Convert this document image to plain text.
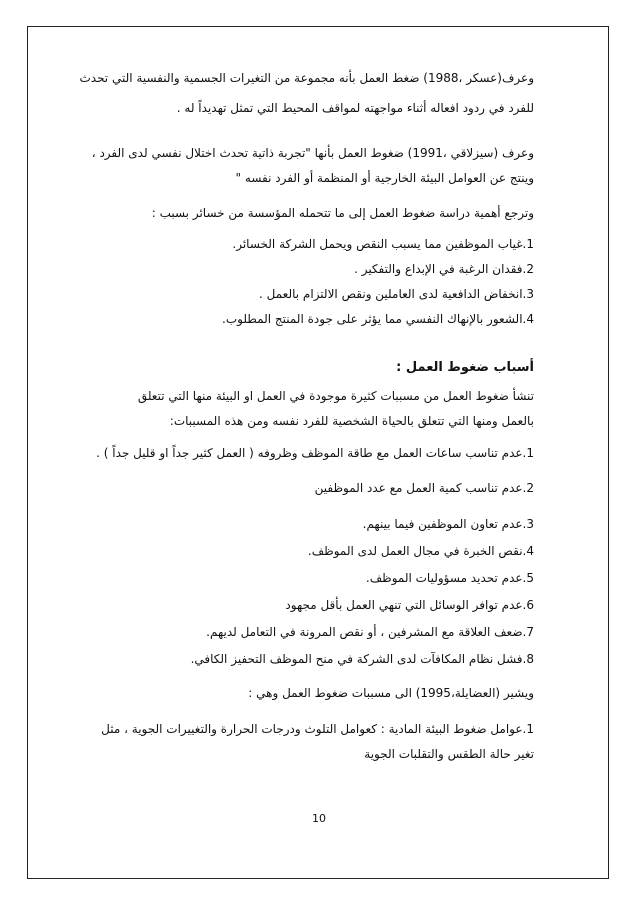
وعرف(عسكر ،1988) ضغط العمل بأنه مجموعة من التغيرات الجسمية والنفسية التي تحدث
للفرد في ردود افعاله أثناء مواجهته لمواقف المحيط التي تمثل تهديداً له .
وعرف (سيزلاقي ،1991) ضغوط العمل بأنها "تجربة ذاتية تحدث اختلال نفسي لدى الفرد ،
وينتج عن العوامل البيئة الخارجية أو المنظمة أو الفرد نفسه "
وترجع أهمية دراسة ضغوط العمل إلى ما تتحمله المؤسسة من خسائر بسبب :
1.غياب الموظفين مما يسبب النقص ويحمل الشركة الخسائر.
2.فقدان الرغبة في الإبداع والتفكير .
3.انخفاض الدافعية لدى العاملين ونقص الالتزام بالعمل .
4.الشعور بالإنهاك النفسي مما يؤثر على جودة المنتج المطلوب.
أسباب ضغوط العمل :
تنشأ ضغوط العمل من مسببات كثيرة موجودة في العمل او البيئة منها التي تتعلق
بالعمل ومنها التي تتعلق بالحياة الشخصية للفرد نفسه ومن هذه المسببات:
1.عدم تناسب ساعات العمل مع طاقة الموظف وظروفه ( العمل كثير جداً او قليل جداً ) .
2.عدم تناسب كمية العمل مع عدد الموظفين
3.عدم تعاون الموظفين فيما بينهم.
4.نقص الخبرة في مجال العمل لدى الموظف.
5.عدم تحديد مسؤوليات الموظف.
6.عدم توافر الوسائل التي تنهي العمل بأقل مجهود
7.ضعف العلاقة مع المشرفين ، أو نقص المرونة في التعامل لديهم.
8.فشل نظام المكافآت لدى الشركة في منح الموظف التحفيز الكافي.
ويشير (العضايلة،1995) الى مسببات ضغوط العمل وهي :
1.عوامل ضغوط البيئة المادية : كعوامل التلوث ودرجات الحرارة والتغييرات الجوية ، مثل
تغير حالة الطقس والتقلبات الجوية
10
